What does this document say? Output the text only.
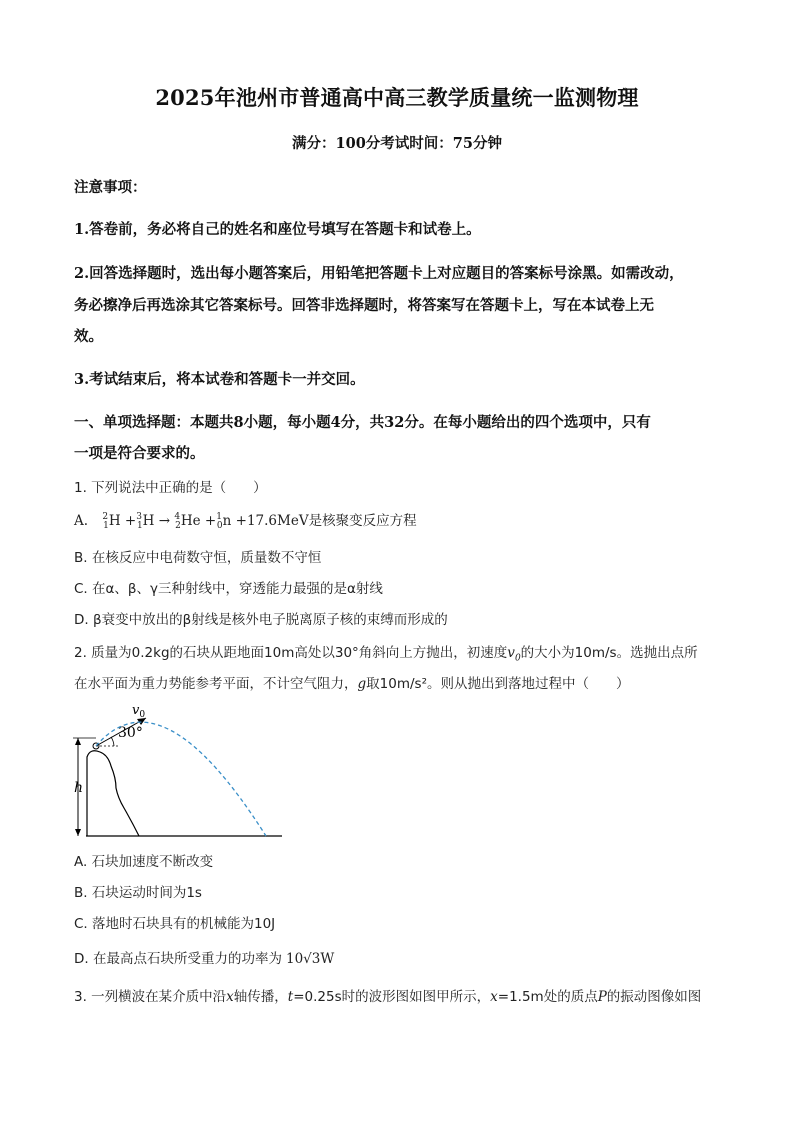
2025年池州市普通高中高三教学质量统一监测物理
满分：100分考试时间：75分钟
注意事项：
1.答卷前，务必将自己的姓名和座位号填写在答题卡和试卷上。
2.回答选择题时，选出每小题答案后，用铅笔把答题卡上对应题目的答案标号涂黑。如需改动，
务必擦净后再选涂其它答案标号。回答非选择题时，将答案写在答题卡上，写在本试卷上无
效。
3.考试结束后，将本试卷和答题卡一并交回。
一、单项选择题：本题共8小题，每小题4分，共32分。在每小题给出的四个选项中，只有
一项是符合要求的。
1. 下列说法中正确的是（　　）
A. $^2_1$H +$^3_1$H → $^4_2$He +$^1_0$n +17.6MeV是核聚变反应方程
B. 在核反应中电荷数守恒，质量数不守恒
C. 在α、β、γ三种射线中，穿透能力最强的是α射线
D. β衰变中放出的β射线是核外电子脱离原子核的束缚而形成的
2. 质量为0.2kg的石块从距地面10m高处以30°角斜向上方抛出，初速度$v_0$的大小为10m/s。选抛出点所
在水平面为重力势能参考平面，不计空气阻力，g取10m/s²。则从抛出到落地过程中（　　）
h
$v_0$
30°
A. 石块加速度不断改变
B. 石块运动时间为1s
C. 落地时石块具有的机械能为10J
D. 在最高点石块所受重力的功率为 10√3W
3. 一列横波在某介质中沿x轴传播，t=0.25s时的波形图如图甲所示，x=1.5m处的质点P的振动图像如图
